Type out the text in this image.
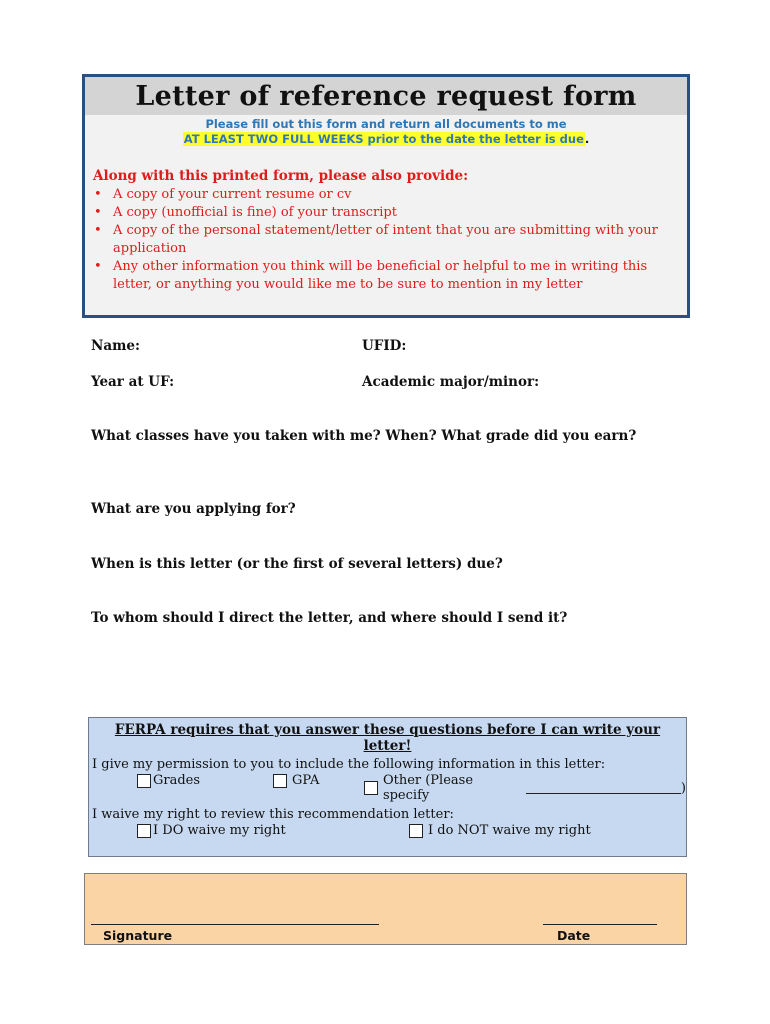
Letter of reference request form
Please fill out this form and return all documents to me
AT LEAST TWO FULL WEEKS prior to the date the letter is due.
Along with this printed form, please also provide:
• A copy of your current resume or cv
• A copy (unofficial is fine) of your transcript
• A copy of the personal statement/letter of intent that you are submitting with your application
• Any other information you think will be beneficial or helpful to me in writing this letter, or anything you would like me to be sure to mention in my letter
Name:	UFID:
Year at UF:	Academic major/minor:
What classes have you taken with me? When? What grade did you earn?
What are you applying for?
When is this letter (or the first of several letters) due?
To whom should I direct the letter, and where should I send it?
FERPA requires that you answer these questions before I can write your letter!
I give my permission to you to include the following information in this letter:
Grades	GPA	Other (Please specify	)
I waive my right to review this recommendation letter:
I DO waive my right	I do NOT waive my right
Signature	Date
